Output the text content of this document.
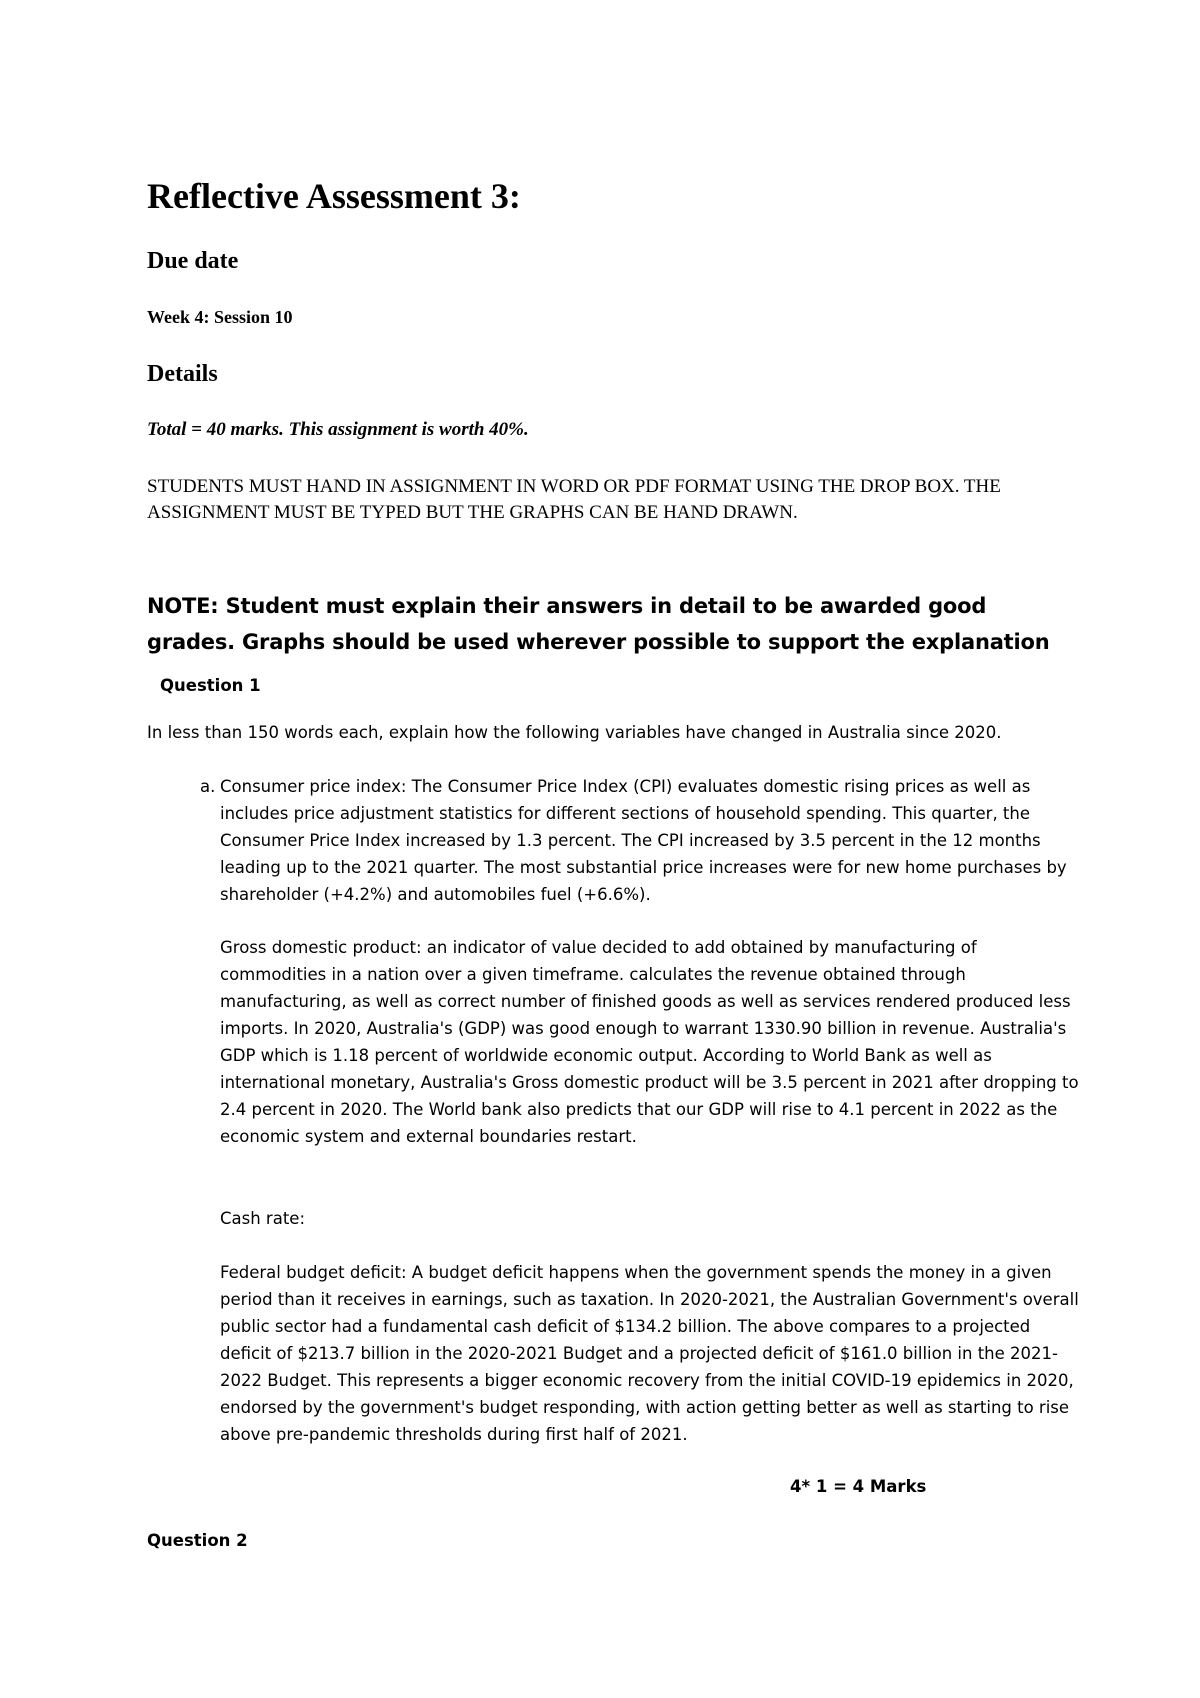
Reflective Assessment 3:
Due date

Week 4: Session 10

Details

Total = 40 marks. This assignment is worth 40%.

STUDENTS MUST HAND IN ASSIGNMENT IN WORD OR PDF FORMAT USING THE DROP BOX. THE ASSIGNMENT MUST BE TYPED BUT THE GRAPHS CAN BE HAND DRAWN.

NOTE: Student must explain their answers in detail to be awarded good grades. Graphs should be used wherever possible to support the explanation

Question 1

In less than 150 words each, explain how the following variables have changed in Australia since 2020.

a. Consumer price index: The Consumer Price Index (CPI) evaluates domestic rising prices as well as includes price adjustment statistics for different sections of household spending. This quarter, the Consumer Price Index increased by 1.3 percent. The CPI increased by 3.5 percent in the 12 months leading up to the 2021 quarter. The most substantial price increases were for new home purchases by shareholder (+4.2%) and automobiles fuel (+6.6%).

Gross domestic product: an indicator of value decided to add obtained by manufacturing of commodities in a nation over a given timeframe. calculates the revenue obtained through manufacturing, as well as correct number of finished goods as well as services rendered produced less imports. In 2020, Australia's (GDP) was good enough to warrant 1330.90 billion in revenue. Australia's GDP which is 1.18 percent of worldwide economic output. According to World Bank as well as international monetary, Australia's Gross domestic product will be 3.5 percent in 2021 after dropping to 2.4 percent in 2020. The World bank also predicts that our GDP will rise to 4.1 percent in 2022 as the economic system and external boundaries restart.

Cash rate:

Federal budget deficit: A budget deficit happens when the government spends the money in a given period than it receives in earnings, such as taxation. In 2020-2021, the Australian Government's overall public sector had a fundamental cash deficit of $134.2 billion. The above compares to a projected deficit of $213.7 billion in the 2020-2021 Budget and a projected deficit of $161.0 billion in the 2021-2022 Budget. This represents a bigger economic recovery from the initial COVID-19 epidemics in 2020, endorsed by the government's budget responding, with action getting better as well as starting to rise above pre-pandemic thresholds during first half of 2021.

4* 1 = 4 Marks

Question 2
